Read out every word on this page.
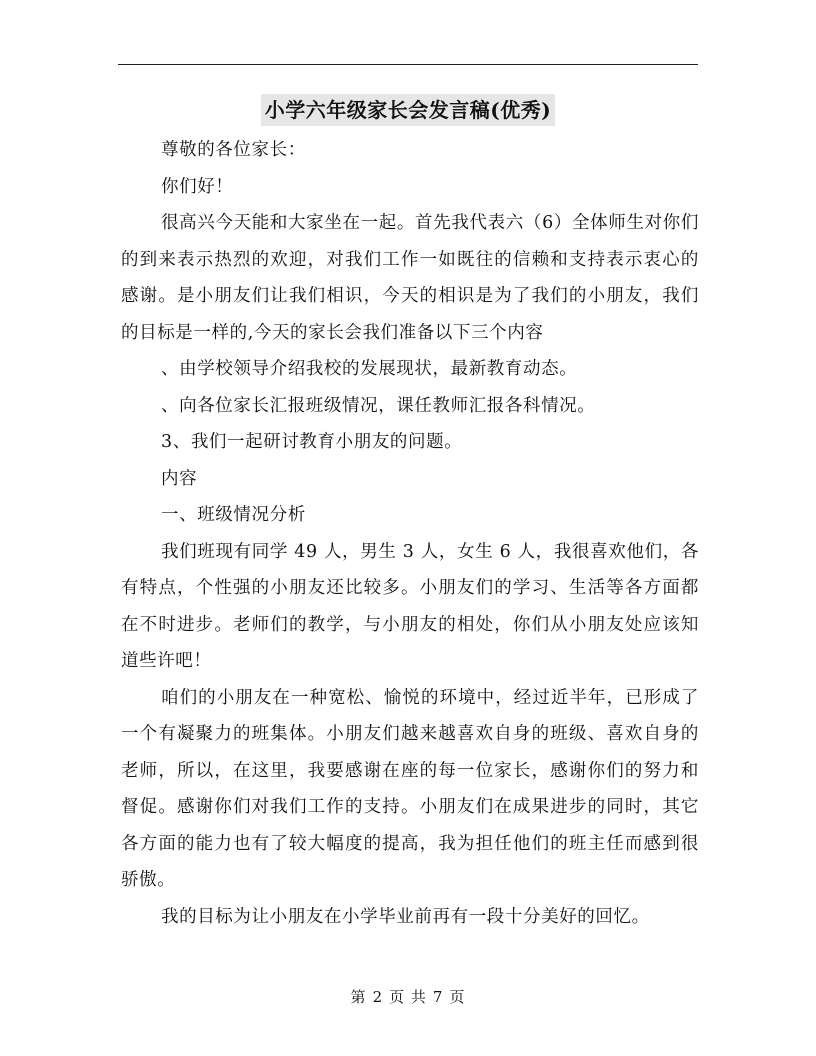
小学六年级家长会发言稿(优秀)

尊敬的各位家长：

你们好！

很高兴今天能和大家坐在一起。首先我代表六（6）全体师生对你们的到来表示热烈的欢迎，对我们工作一如既往的信赖和支持表示衷心的感谢。是小朋友们让我们相识，今天的相识是为了我们的小朋友，我们的目标是一样的,今天的家长会我们准备以下三个内容

、由学校领导介绍我校的发展现状，最新教育动态。

、向各位家长汇报班级情况，课任教师汇报各科情况。

3、我们一起研讨教育小朋友的问题。

内容

一、班级情况分析

我们班现有同学 49 人，男生 3 人，女生 6 人，我很喜欢他们，各有特点，个性强的小朋友还比较多。小朋友们的学习、生活等各方面都在不时进步。老师们的教学，与小朋友的相处，你们从小朋友处应该知道些许吧！

咱们的小朋友在一种宽松、愉悦的环境中，经过近半年，已形成了一个有凝聚力的班集体。小朋友们越来越喜欢自身的班级、喜欢自身的老师，所以，在这里，我要感谢在座的每一位家长，感谢你们的努力和督促。感谢你们对我们工作的支持。小朋友们在成果进步的同时，其它各方面的能力也有了较大幅度的提高，我为担任他们的班主任而感到很骄傲。

我的目标为让小朋友在小学毕业前再有一段十分美好的回忆。

第 2 页 共 7 页
